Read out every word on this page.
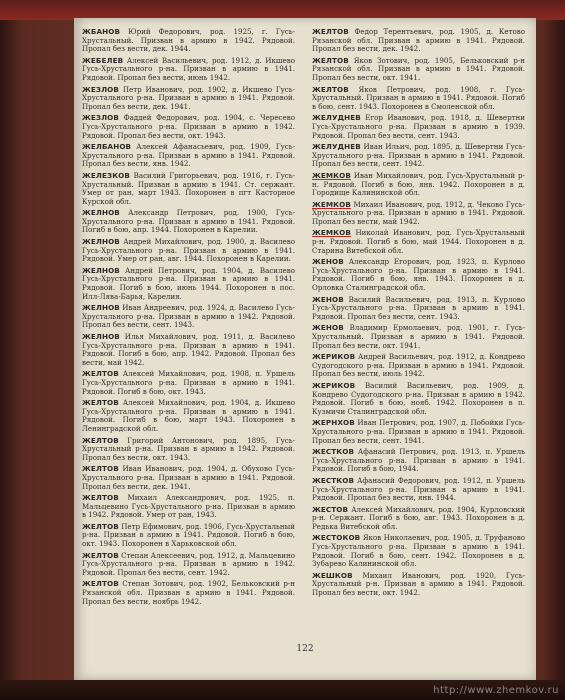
ЖБАНОВ Юрий Федорович, род. 1925, г. Гусь-Хрустальный. Призван в армию в 1942. Рядовой. Пропал без вести, дек. 1944.
ЖЕБЕЛЕВ Алексей Васильевич, род. 1912, д. Икшево Гусь-Хрустального р-на. Призван в армию в 1941. Рядовой. Пропал без вести, июнь 1942.
ЖЕЗЛОВ Петр Иванович, род. 1902, д. Икшево Гусь-Хрустального р-на. Призван в армию в 1941. Рядовой. Пропал без вести, дек. 1941.
ЖЕЗЛОВ Фаддей Федорович, род. 1904, с. Чересево Гусь-Хрустального р-на. Призван в армию в 1942. Рядовой. Пропал без вести, окт. 1943.
ЖЕЛБАНОВ Алексей Афанасьевич, род. 1909, Гусь-Хрустального р-на. Призван в армию в 1941. Рядовой. Пропал без вести, янв. 1942.
ЖЕЛЕЗКОВ Василий Григорьевич, род. 1916, г. Гусь-Хрустальный. Призван в армию в 1941. Ст. сержант. Умер от ран, март 1943. Похоронен в пгт Касторное Курской обл.
ЖЕЛНОВ Александр Петрович, род. 1900, Гусь-Хрустального р-на. Призван в армию в 1941. Рядовой. Погиб в бою, апр. 1944. Похоронен в Карелии.
ЖЕЛНОВ Андрей Михайлович, род. 1900, д. Василево Гусь-Хрустального р-на. Призван в армию в 1941. Рядовой. Умер от ран, авг. 1944. Похоронен в Карелии.
ЖЕЛНОВ Андрей Петрович, род. 1904, д. Василево Гусь-Хрустального р-на. Призван в армию в 1941. Рядовой. Погиб в бою, июнь 1944. Похоронен в пос. Илл-Лява-Барья, Карелия.
ЖЕЛНОВ Иван Андреевич, род. 1924, д. Василево Гусь-Хрустального р-на. Призван в армию в 1942. Рядовой. Пропал без вести, сент. 1943.
ЖЕЛНОВ Илья Михайлович, род. 1911, д. Василево Гусь-Хрустального р-на. Призван в армию в 1941. Рядовой. Погиб в бою, апр. 1942. Рядовой. Пропал без вести, май 1942.
ЖЕЛТОВ Алексей Михайлович, род. 1908, п. Уршель Гусь-Хрустального р-на. Призван в армию в 1941. Рядовой. Погиб в бою, окт. 1943.
ЖЕЛТОВ Алексей Михайлович, род. 1904, д. Икшево Гусь-Хрустального р-на. Призван в армию в 1941. Рядовой. Погиб в бою, март 1943. Похоронен в Ленинградской обл.
ЖЕЛТОВ Григорий Антонович, род. 1895, Гусь-Хрустальный р-на. Призван в армию в 1942. Рядовой. Пропал без вести, окт. 1943.
ЖЕЛТОВ Иван Иванович, род. 1904, д. Обухово Гусь-Хрустального р-на. Призван в армию в 1941. Рядовой. Пропал без вести, дек. 1941.
ЖЕЛТОВ Михаил Александрович, род. 1925, п. Мальцевино Гусь-Хрустального р-на. Призван в армию в 1942. Рядовой. Умер от ран, 1943.
ЖЕЛТОВ Петр Ефимович, род. 1906, Гусь-Хрустальный р-на. Призван в армию в 1941. Рядовой. Погиб в бою, окт. 1943. Похоронен в Харьковской обл.
ЖЕЛТОВ Степан Алексеевич, род. 1912, д. Мальцевино Гусь-Хрустального р-на. Призван в армию в 1942. Рядовой. Пропал без вести, сент. 1942.
ЖЕЛТОВ Степан Зотович, род. 1902, Бельковский р-н Рязанской обл. Призван в армию в 1941. Рядовой. Пропал без вести, ноябрь 1942.
ЖЕЛТОВ Федор Терентьевич, род. 1905, д. Кетово Рязанской обл. Призван в армию в 1941. Рядовой. Пропал без вести, дек. 1942.
ЖЕЛТОВ Яков Зотович, род. 1905, Бельковский р-н Рязанской обл. Призван в армию в 1941. Рядовой. Пропал без вести, окт. 1941.
ЖЕЛТОВ Яков Петрович, род. 1908, г. Гусь-Хрустальный. Призван в армию в 1941. Рядовой. Погиб в бою, сент. 1943. Похоронен в Смоленской обл.
ЖЕЛУДНЕВ Егор Иванович, род. 1918, д. Шевертни Гусь-Хрустального р-на. Призван в армию в 1939. Рядовой. Пропал без вести, сент. 1943.
ЖЕЛУДНЕВ Иван Ильич, род. 1895, д. Шевертни Гусь-Хрустального р-на. Призван в армию в 1941. Рядовой. Пропал без вести, сент. 1942.
ЖЕМКОВ Иван Михайлович, род. Гусь-Хрустальный р-н. Рядовой. Погиб в бою, янв. 1942. Похоронен в д. Городище Калининской обл.
ЖЕМКОВ Михаил Иванович, род. 1912, д. Чеково Гусь-Хрустального р-на. Призван в армию в 1941. Рядовой. Пропал без вести, май 1942.
ЖЕМКОВ Николай Иванович, род. Гусь-Хрустальный р-н. Рядовой. Погиб в бою, май 1944. Похоронен в д. Старина Витебской обл.
ЖЕНОВ Александр Егорович, род. 1923, п. Курлово Гусь-Хрустального р-на. Призван в армию в 1941. Рядовой. Погиб в бою, янв. 1943. Похоронен в д. Орловка Сталинградской обл.
ЖЕНОВ Василий Васильевич, род. 1913, п. Курлово Гусь-Хрустального р-на. Призван в армию в 1941. Рядовой. Пропал без вести, сент. 1943.
ЖЕНОВ Владимир Ермолаевич, род. 1901, г. Гусь-Хрустальный. Призван в армию в 1941. Рядовой. Пропал без вести, окт. 1941.
ЖЕРИКОВ Андрей Васильевич, род. 1912, д. Кондрево Судогодского р-на. Призван в армию в 1941. Рядовой. Пропал без вести, июль 1942.
ЖЕРИКОВ Василий Васильевич, род. 1909, д. Кондрево Судогодского р-на. Призван в армию в 1942. Рядовой. Погиб в бою, нояб. 1942. Похоронен в п. Кузмичи Сталинградской обл.
ЖЕРНХОВ Иван Петрович, род. 1907, д. Побойки Гусь-Хрустального р-на. Призван в армию в 1941. Рядовой. Пропал без вести, сент. 1941.
ЖЕСТКОВ Афанасий Петрович, род. 1913, п. Уршель Гусь-Хрустального р-на. Призван в армию в 1941. Рядовой. Погиб в бою, 1944.
ЖЕСТКОВ Афанасий Федорович, род. 1912, п. Уршель Гусь-Хрустального р-на. Призван в армию в 1941. Рядовой. Пропал без вести, янв. 1944.
ЖЕСТОВ Алексей Михайлович, род. 1904, Курловский р-н. Сержант. Погиб в бою, авг. 1943. Похоронен в д. Редька Витебской обл.
ЖЕСТОКОВ Яков Николаевич, род. 1905, д. Труфаново Гусь-Хрустального р-на. Призван в армию в 1941. Рядовой. Погиб в бою, сент. 1942. Похоронен в д. Зубарево Калининской обл.
ЖЕШКОВ Михаил Иванович, род. 1920, Гусь-Хрустальный р-н. Призван в армию в 1941. Рядовой. Пропал без вести, окт. 1942.
122
http://www.zhemkov.ru
